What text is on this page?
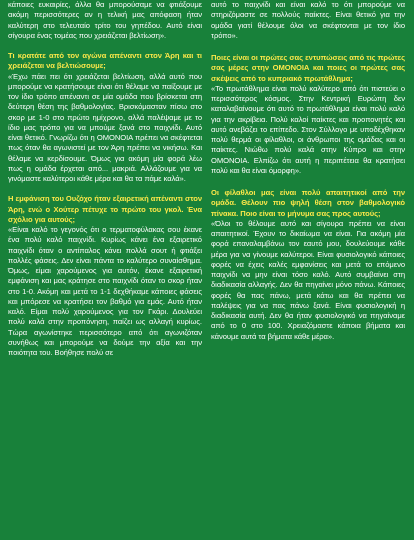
κάποιες ευκαιρίες, άλλα θα μπορούσαμε να φτιάξουμε ακόμη περισσότερες αν η τελική μας απόφαση ήταν καλύτερη στο τελευταίο τρίτο του γηπέδου. Αυτό είναι σίγουρα ένας τομέας που χρειάζεται βελτίωση».

Τι κρατάτε από τον αγώνα απέναντι στον Άρη και τι χρειάζεται να βελτιώσουμε;

«Έχω πάει πει ότι χρειάζεται βελτίωση, αλλά αυτό που μπορούμε να κρατήσουμε είναι ότι θέλαμε να παίξουμε με τον ίδιο τρόπο απέναντι σε μία ομάδα που βρίσκεται στη δεύτερη θέση της βαθμολογίας. Βρισκόμασταν πίσω στο σκορ με 1-0 στο πρώτο ημίχρονο, αλλά παλέψαμε με το ίδιο μας τρόπο για να μπούμε ξανά στο παιχνίδι. Αυτό είναι θετικό. Γνωρίζω ότι η ΟΜΟΝΟΙΑ πρέπει να σκέφτεται πως όταν θα αγωνιστεί με τον Άρη πρέπει να νικήσω. Και θέλαμε να κερδίσουμε. Όμως για ακόμη μία φορά λέω πως η ομάδα έρχεται από... μακριά. Αλλάζουμε για να γινόμαστε καλύτεροι κάθε μέρα και θα τα πάμε καλά».

Η εμφάνιση του Ουζόχο ήταν εξαιρετική απέναντι στον Άρη, ενώ ο Χούτερ πέτυχε το πρώτο του γκολ. Ένα σχόλιο για αυτούς;

«Είναι καλό το γεγονός ότι ο τερματοφύλακας σου έκανε ένα πολύ καλό παιχνίδι. Κυρίως κάνει ένα εξαιρετικό παιχνίδι όταν ο αντίπαλος κάνει πολλά σουτ ή φτιάξει πολλές φάσεις. Δεν είναι πάντα το καλύτερο συναίσθημα. Όμως, είμαι χαρούμενος για αυτόν, έκανε εξαιρετική εμφάνιση και μας κράτησε στο παιχνίδι όταν το σκορ ήταν στο 1-0. Ακόμη και μετά το 1-1 δεχθήκαμε κάποιες φάσεις και μπόρεσε να κρατήσει τον βαθμό για εμάς. Αυτό ήταν καλό. Είμαι πολύ χαρούμενος για τον Γκάρι. Δουλεύει πολύ καλά στην προπόνηση, παίζει ως αλλαγή κυρίως. Τώρα αγωνίστηκε περισσότερο από ότι αγωνιζόταν συνήθως και μπορούμε να δούμε την αξία και την ποιότητα του. Βοήθησε πολύ σε

αυτό το παιχνίδι και είναι καλό το ότι μπορούμε να στηριζόμαστε σε πολλούς παίκτες. Είναι θετικό για την ομάδα γιατί θέλουμε όλοι να σκέφτονται με τον ίδιο τρόπο».

Ποιες είναι οι πρώτες σας εντυπώσεις από τις πρώτες σας μέρες στην ΟΜΟΝΟΙΑ και ποιες οι πρώτες σας σκέψεις από το κυπριακό πρωτάθλημα;

«Το πρωτάθλημα είναι πολύ καλύτερο από ότι πιστεύει ο περισσότερος κόσμος. Στην Κεντρική Ευρώπη δεν καταλαβαίνουμε ότι αυτό το πρωτάθλημα είναι πολύ καλό για την ακρίβεια. Πολύ καλοί παίκτες και προπονητές και αυτό ανεβάζει το επίπεδο. Στον Σύλλογο με υποδέχθηκαν πολύ θερμά οι φίλαθλοι, οι άνθρωποι της ομάδας και οι παίκτες. Νιώθω πολύ καλά στην Κύπρο και στην ΟΜΟΝΟΙΑ. Ελπίζω ότι αυτή η περιπέτεια θα κρατήσει πολύ και θα είναι όμορφη».

Οι φίλαθλοι μας είναι πολύ απαιτητικοί από την ομάδα. Θέλουν πιο ψηλή θέση στον βαθμολογικό πίνακα. Ποιο είναι το μήνυμα σας προς αυτούς;

«Όλοι το θέλουμε αυτό και σίγουρα πρέπει να είναι απαιτητικοί. Έχουν το δικαίωμα να είναι. Για ακόμη μία φορά επαναλαμβάνω τον εαυτό μου, δουλεύουμε κάθε μέρα για να γίνουμε καλύτεροι. Είναι φυσιολογικό κάποιες φορές να έχεις καλές εμφανίσεις και μετά το επόμενο παιχνίδι να μην είναι τόσο καλό. Αυτό συμβαίνει στη διαδικασία αλλαγής. Δεν θα πηγαίνει μόνο πάνω. Κάποιες φορές θα πας πάνω, μετά κάτω και θα πρέπει να παλέψεις για να πας πάνω ξανά. Είναι φυσιολογική η διαδικασία αυτή. Δεν θα ήταν φυσιολογικό να πηγαίναμε από το 0 στο 100. Χρειαζόμαστε κάποια βήματα και κάνουμε αυτά τα βήματα κάθε μέρα».
